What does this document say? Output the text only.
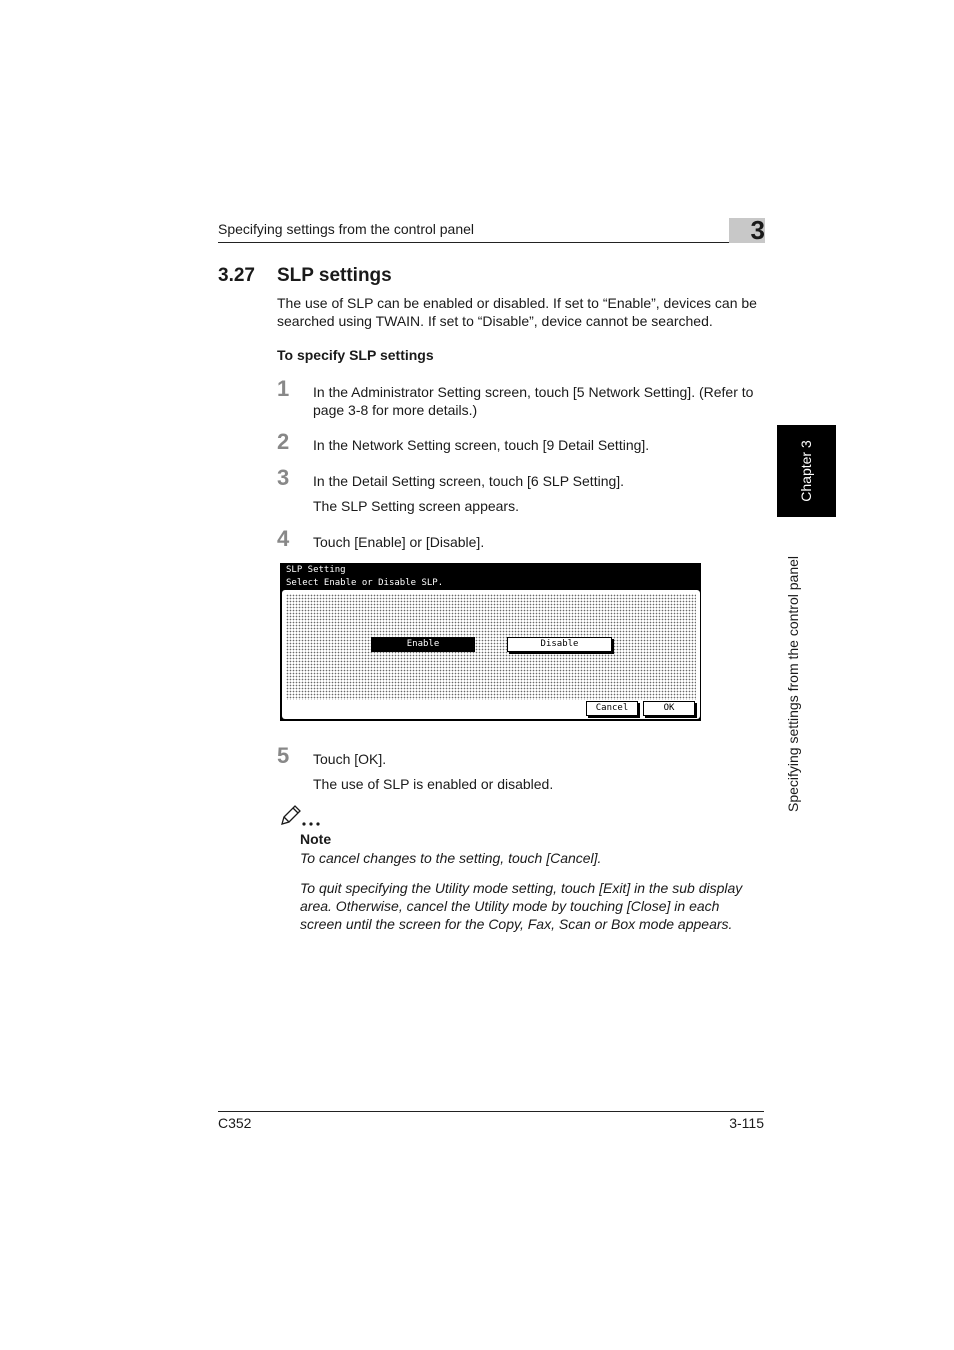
Specifying settings from the control panel	3
Chapter 3
Specifying settings from the control panel
3.27 SLP settings
The use of SLP can be enabled or disabled. If set to “Enable”, devices can be searched using TWAIN. If set to “Disable”, device cannot be searched.
To specify SLP settings
1	In the Administrator Setting screen, touch [5 Network Setting]. (Refer to page 3-8 for more details.)
2	In the Network Setting screen, touch [9 Detail Setting].
3	In the Detail Setting screen, touch [6 SLP Setting].
The SLP Setting screen appears.
4	Touch [Enable] or [Disable].
SLP Setting
Select Enable or Disable SLP.
Enable	Disable
Cancel	OK
5	Touch [OK].
The use of SLP is enabled or disabled.
Note
To cancel changes to the setting, touch [Cancel].
To quit specifying the Utility mode setting, touch [Exit] in the sub display area. Otherwise, cancel the Utility mode by touching [Close] in each screen until the screen for the Copy, Fax, Scan or Box mode appears.
C352	3-115
